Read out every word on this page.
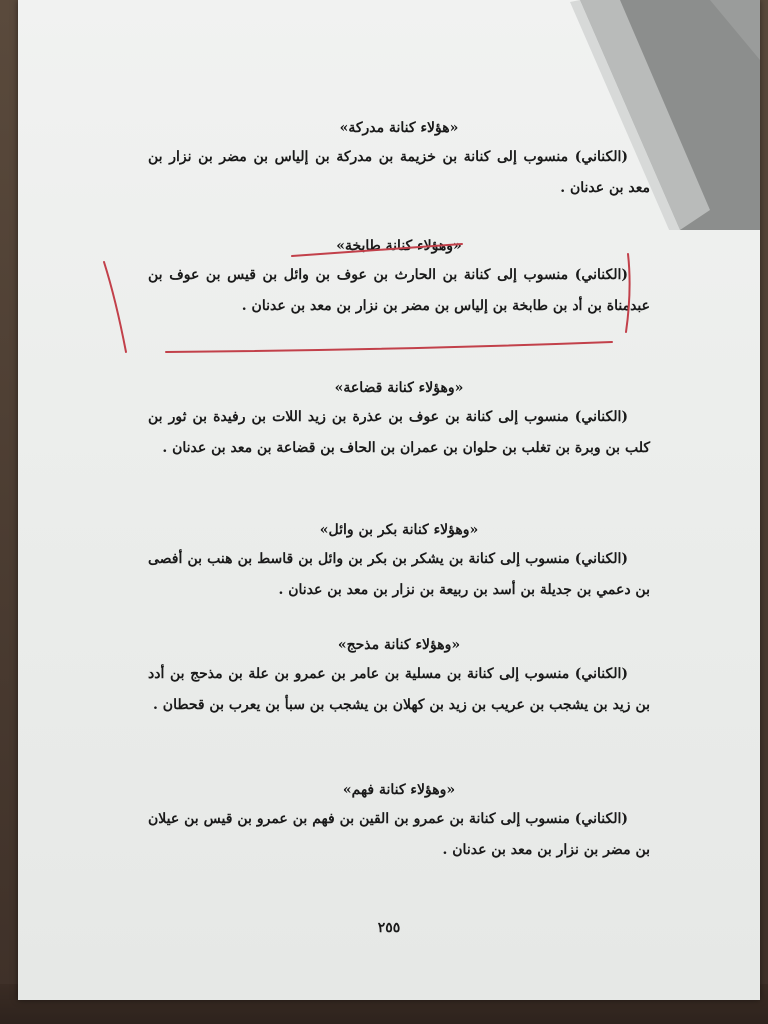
«هؤلاء كنانة مدركة»

(الكناني) منسوب إلى كنانة بن خزيمة بن مدركة بن إلياس بن مضر بن نزار بن معد بن عدنان .

«وهؤلاء كنانة طابخة»

(الكناني) منسوب إلى كنانة بن الحارث بن عوف بن وائل بن قيس بن عوف بن عبدمناة بن أد بن طابخة بن إلياس بن مضر بن نزار بن معد بن عدنان .

«وهؤلاء كنانة قضاعة»

(الكناني) منسوب إلى كنانة بن عوف بن عذرة بن زيد اللات بن رفيدة بن ثور بن كلب بن وبرة بن تغلب بن حلوان بن عمران بن الحاف بن قضاعة بن معد بن عدنان .

«وهؤلاء كنانة بكر بن وائل»

(الكناني) منسوب إلى كنانة بن يشكر بن بكر بن وائل بن قاسط بن هنب بن أفصى بن دعمي بن جديلة بن أسد بن ربيعة بن نزار بن معد بن عدنان .

«وهؤلاء كنانة مذحج»

(الكناني) منسوب إلى كنانة بن مسلية بن عامر بن عمرو بن علة بن مذحج بن أدد بن زيد بن يشجب بن عريب بن زيد بن كهلان بن يشجب بن سبأ بن يعرب بن قحطان .

«وهؤلاء كنانة فهم»

(الكناني) منسوب إلى كنانة بن عمرو بن القين بن فهم بن عمرو بن قيس بن عيلان بن مضر بن نزار بن معد بن عدنان .

٢٥٥
